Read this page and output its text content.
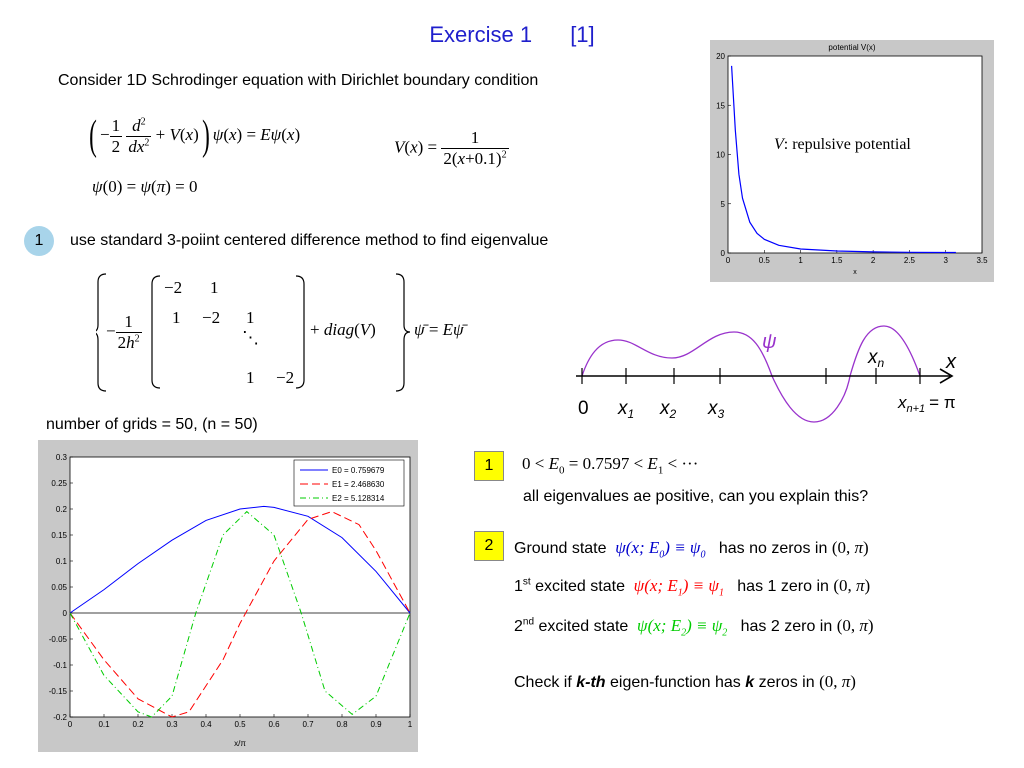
Exercise 1 [1]
Consider 1D Schrodinger equation with Dirichlet boundary condition
( − $\frac{1}{2}$
$\frac{d^2}{dx^2} + V(x)$) ψ(x) = Eψ(x)
ψ(0) = ψ(π) = 0
$V(x) = \frac{1}{2(x+0.1)^2}$
1	use standard 3-poiint centered difference method to find eigenvalue
− $\frac{1}{2h^2}$
−2 1
1 −2 1
⋱
1 −2
+ diag(V) ψ̄ = Eψ̄
number of grids = 50, (n = 50)
potential V(x)
0	0.5	1	1.5	2	2.5	3	3.5
0
5
10
15
20
x
V: repulsive potential
ψ
x
$x_n$
0 $x_1$ $x_2$ $x_3$
$x_{n+1} = \pi$
0	0.1	0.2	0.3	0.4	0.5	0.6	0.7	0.8	0.9	1
0.3
0.25
0.2
0.15
0.1
0.05
0
-0.05
-0.1
-0.15
-0.2
x/π
E0 = 0.759679
E1 = 2.468630
E2 = 5.128314
1	$0 < E_0 = 0.7597 < E_1$ < ···
all eigenvalues ae positive, can you explain this?
2	Ground state  ψ(x; $E_0) \equiv \psi_0$ has no zeros in (0, π)
1st excited state  ψ(x; $E_1) \equiv \psi_1$ has 1 zero in (0, π)
2nd excited state  ψ(x; $E_2) \equiv \psi_2$ has 2 zero in (0, π)
Check if k-th eigen-function has k zeros in (0, π)
